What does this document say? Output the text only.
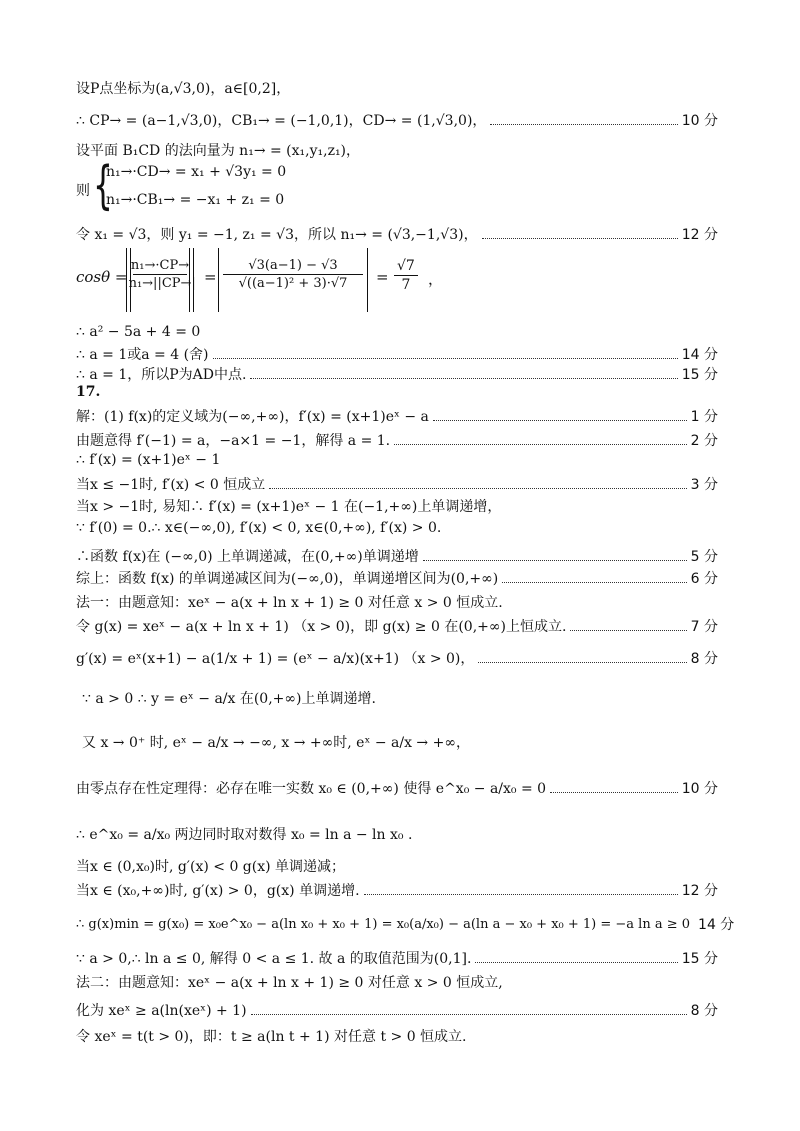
设P点坐标为(a,√3,0)，a∈[0,2]，
∴ CP→ = (a−1,√3,0)，CB₁→ = (−1,0,1)，CD→ = (1,√3,0)，	10 分
设平面 B₁CD 的法向量为 n₁→ = (x₁,y₁,z₁)，
则 {
n₁→·CD→ = x₁ + √3y₁ = 0
n₁→·CB₁→ = −x₁ + z₁ = 0
令 x₁ = √3，则 y₁ = −1, z₁ = √3，所以 n₁→ = (√3,−1,√3)，	12 分
cosθ =
n₁→·CP→
|n₁→||CP→| =
√3(a−1) − √3
√((a−1)² + 3)·√7 =
√7
7 ，
∴ a² − 5a + 4 = 0
∴ a = 1或a = 4 (舍)	14 分
∴ a = 1，所以P为AD中点.	15 分
17.
解：(1) f(x)的定义域为(−∞,+∞)，f′(x) = (x+1)eˣ − a	1 分
由题意得 f′(−1) = a，−a×1 = −1，解得 a = 1.	2 分
∴ f′(x) = (x+1)eˣ − 1
当x ≤ −1时, f′(x) < 0 恒成立	3 分
当x > −1时, 易知∴ f′(x) = (x+1)eˣ − 1 在(−1,+∞)上单调递增，
∵ f′(0) = 0.∴ x∈(−∞,0), f′(x) < 0, x∈(0,+∞), f′(x) > 0.
∴函数 f(x)在 (−∞,0) 上单调递减，在(0,+∞)单调递增	5 分
综上：函数 f(x) 的单调递减区间为(−∞,0)，单调递增区间为(0,+∞)	6 分
法一：由题意知：xeˣ − a(x + ln x + 1) ≥ 0 对任意 x > 0 恒成立.
令 g(x) = xeˣ − a(x + ln x + 1) （x > 0)，即 g(x) ≥ 0 在(0,+∞)上恒成立.	7 分
g′(x) = eˣ(x+1) − a(1/x + 1) = (eˣ − a/x)(x+1) （x > 0)，	8 分
∵ a > 0 ∴ y = eˣ − a/x 在(0,+∞)上单调递增.
又 x → 0⁺ 时, eˣ − a/x → −∞, x → +∞时, eˣ − a/x → +∞，
由零点存在性定理得：必存在唯一实数 x₀ ∈ (0,+∞) 使得 e^x₀ − a/x₀ = 0	10 分
∴ e^x₀ = a/x₀ 两边同时取对数得 x₀ = ln a − ln x₀ .
当x ∈ (0,x₀)时, g′(x) < 0 g(x) 单调递减；
当x ∈ (x₀,+∞)时, g′(x) > 0，g(x) 单调递增.	12 分
∴ g(x)min = g(x₀) = x₀e^x₀ − a(ln x₀ + x₀ + 1) = x₀(a/x₀) − a(ln a − x₀ + x₀ + 1) = −a ln a ≥ 0 14 分
∵ a > 0,∴ ln a ≤ 0, 解得 0 < a ≤ 1. 故 a 的取值范围为(0,1].	15 分
法二：由题意知：xeˣ − a(x + ln x + 1) ≥ 0 对任意 x > 0 恒成立,
化为 xeˣ ≥ a(ln(xeˣ) + 1)	8 分
令 xeˣ = t(t > 0)，即：t ≥ a(ln t + 1) 对任意 t > 0 恒成立.
